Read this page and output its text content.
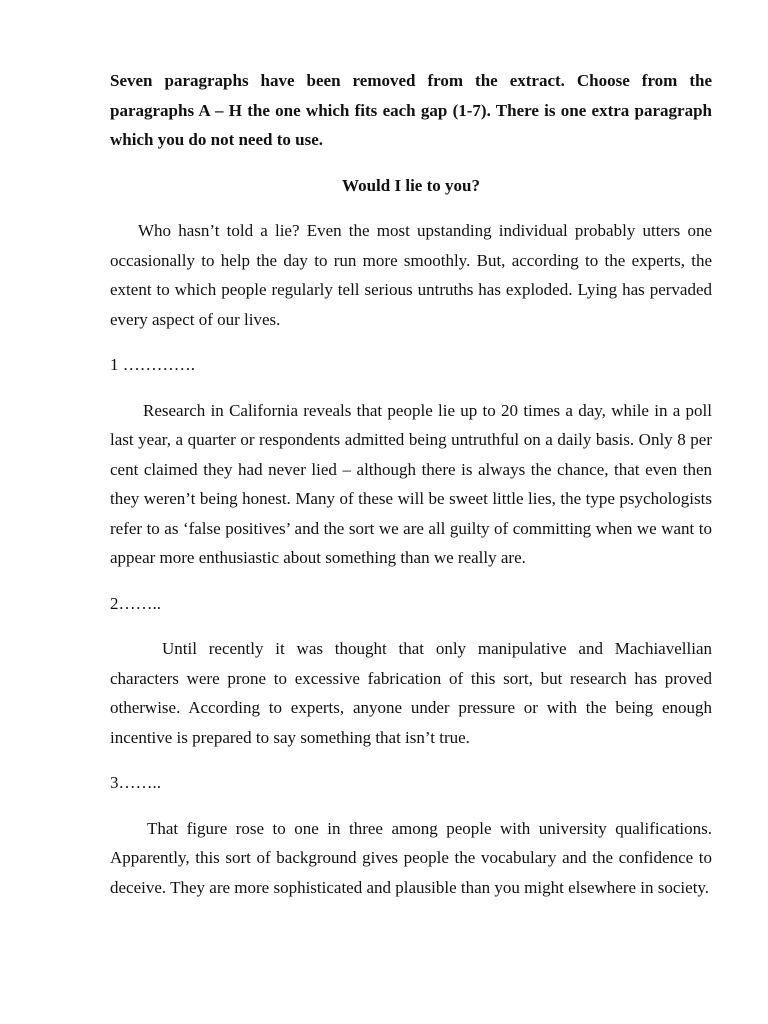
Seven paragraphs have been removed from the extract. Choose from the paragraphs A – H the one which fits each gap (1-7). There is one extra paragraph which you do not need to use.

Would I lie to you?

Who hasn’t told a lie? Even the most upstanding individual probably utters one occasionally to help the day to run more smoothly. But, according to the experts, the extent to which people regularly tell serious untruths has exploded. Lying has pervaded every aspect of our lives.

1 ………….

Research in California reveals that people lie up to 20 times a day, while in a poll last year, a quarter or respondents admitted being untruthful on a daily basis. Only 8 per cent claimed they had never lied – although there is always the chance, that even then they weren’t being honest. Many of these will be sweet little lies, the type psychologists refer to as ‘false positives’ and the sort we are all guilty of committing when we want to appear more enthusiastic about something than we really are.

2……..

Until recently it was thought that only manipulative and Machiavellian characters were prone to excessive fabrication of this sort, but research has proved otherwise. According to experts, anyone under pressure or with the being enough incentive is prepared to say something that isn’t true.

3……..

That figure rose to one in three among people with university qualifications. Apparently, this sort of background gives people the vocabulary and the confidence to deceive. They are more sophisticated and plausible than you might elsewhere in society.
